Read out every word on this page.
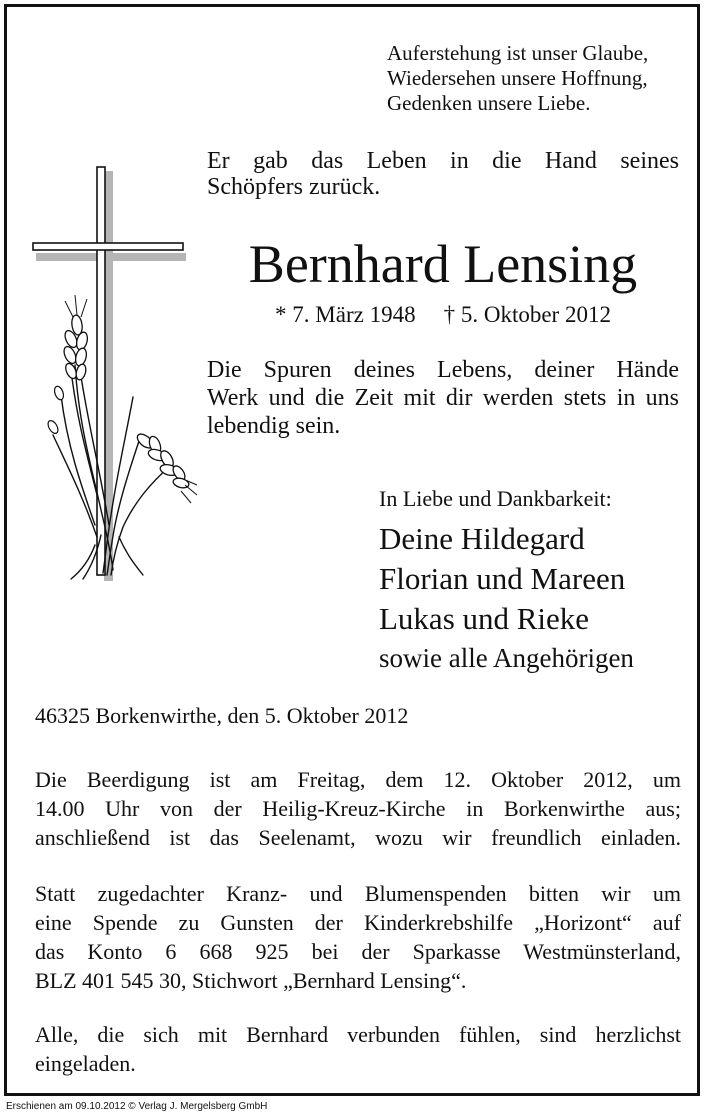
Auferstehung ist unser Glaube,
Wiedersehen unsere Hoffnung,
Gedenken unsere Liebe.
Er gab das Leben in die Hand seines
Schöpfers zurück.
Bernhard Lensing
* 7. März 1948 † 5. Oktober 2012
Die Spuren deines Lebens, deiner Hände
Werk und die Zeit mit dir werden stets in uns
lebendig sein.
In Liebe und Dankbarkeit:
Deine Hildegard
Florian und Mareen
Lukas und Rieke
sowie alle Angehörigen
46325 Borkenwirthe, den 5. Oktober 2012
Die Beerdigung ist am Freitag, dem 12. Oktober 2012, um
14.00 Uhr von der Heilig-Kreuz-Kirche in Borkenwirthe aus;
anschließend ist das Seelenamt, wozu wir freundlich einladen.
Statt zugedachter Kranz- und Blumenspenden bitten wir um
eine Spende zu Gunsten der Kinderkrebshilfe „Horizont“ auf
das Konto 6 668 925 bei der Sparkasse Westmünsterland,
BLZ 401 545 30, Stichwort „Bernhard Lensing“.
Alle, die sich mit Bernhard verbunden fühlen, sind herzlichst
eingeladen.
Erschienen am 09.10.2012 © Verlag J. Mergelsberg GmbH
